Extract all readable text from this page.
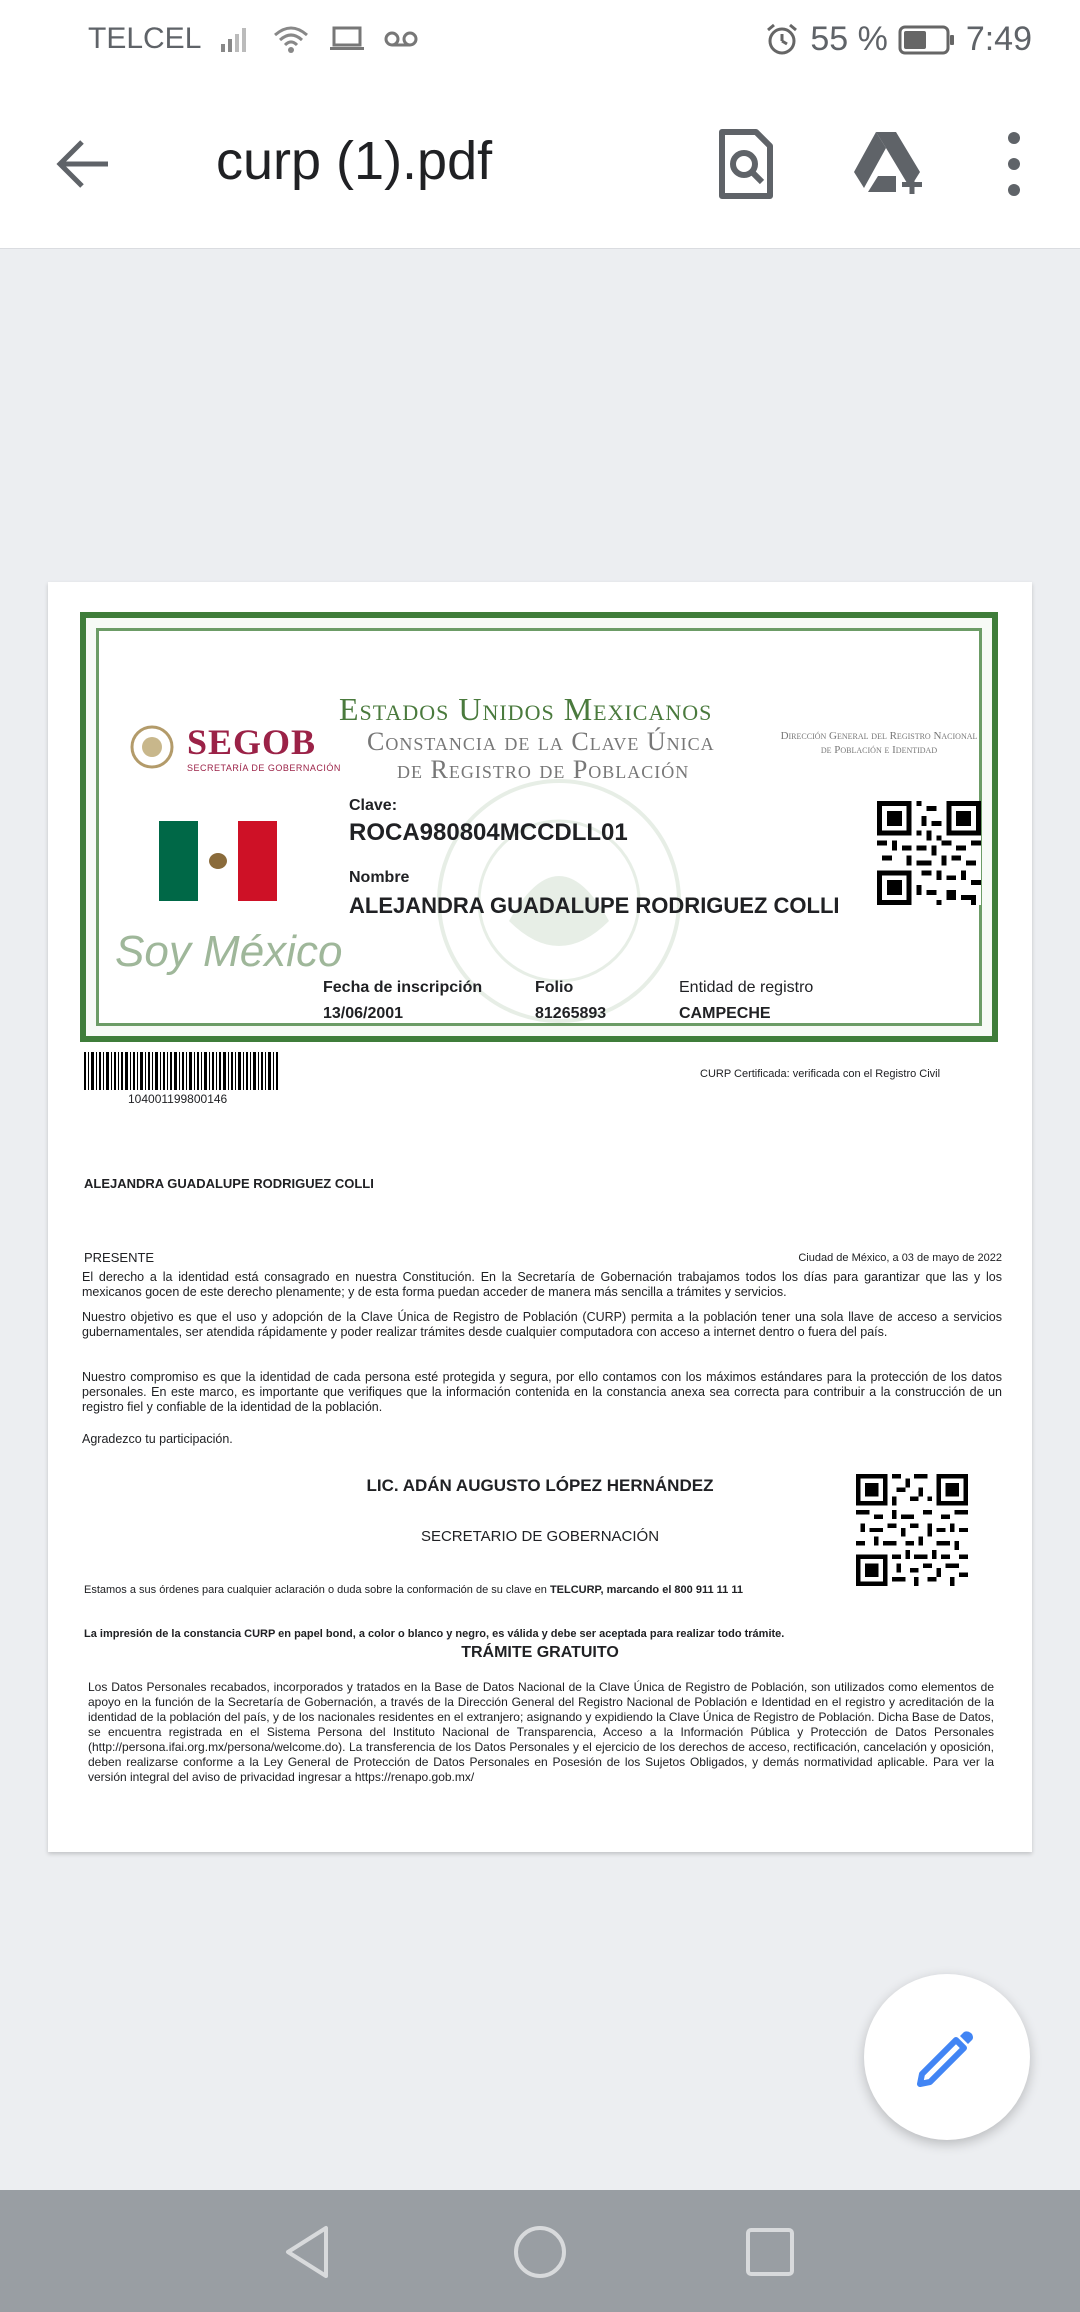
TELCEL	55 % 7:49
curp (1).pdf
SEGOB
SECRETARÍA DE GOBERNACIÓN
Estados Unidos Mexicanos
Constancia de la Clave Única
de Registro de Población
Dirección General del Registro Nacional de Población e Identidad
Clave:
ROCA980804MCCDLL01
Nombre
ALEJANDRA GUADALUPE RODRIGUEZ COLLI
Soy México
Fecha de inscripción
13/06/2001
Folio
81265893
Entidad de registro
CAMPECHE
104001199800146
CURP Certificada: verificada con el Registro Civil
ALEJANDRA GUADALUPE RODRIGUEZ COLLI
PRESENTE	Ciudad de México, a 03 de mayo de 2022
El derecho a la identidad está consagrado en nuestra Constitución. En la Secretaría de Gobernación trabajamos todos los días para garantizar que las y los mexicanos gocen de este derecho plenamente; y de esta forma puedan acceder de manera más sencilla a trámites y servicios.
Nuestro objetivo es que el uso y adopción de la Clave Única de Registro de Población (CURP) permita a la población tener una sola llave de acceso a servicios gubernamentales, ser atendida rápidamente y poder realizar trámites desde cualquier computadora con acceso a internet dentro o fuera del país.
Nuestro compromiso es que la identidad de cada persona esté protegida y segura, por ello contamos con los máximos estándares para la protección de los datos personales. En este marco, es importante que verifiques que la información contenida en la constancia anexa sea correcta para contribuir a la construcción de un registro fiel y confiable de la identidad de la población.
Agradezco tu participación.
LIC. ADÁN AUGUSTO LÓPEZ HERNÁNDEZ
SECRETARIO DE GOBERNACIÓN
Estamos a sus órdenes para cualquier aclaración o duda sobre la conformación de su clave en TELCURP, marcando el 800 911 11 11
La impresión de la constancia CURP en papel bond, a color o blanco y negro, es válida y debe ser aceptada para realizar todo trámite.
TRÁMITE GRATUITO
Los Datos Personales recabados, incorporados y tratados en la Base de Datos Nacional de la Clave Única de Registro de Población, son utilizados como elementos de apoyo en la función de la Secretaría de Gobernación, a través de la Dirección General del Registro Nacional de Población e Identidad en el registro y acreditación de la identidad de la población del país, y de los nacionales residentes en el extranjero; asignando y expidiendo la Clave Única de Registro de Población. Dicha Base de Datos, se encuentra registrada en el Sistema Persona del Instituto Nacional de Transparencia, Acceso a la Información Pública y Protección de Datos Personales (http://persona.ifai.org.mx/persona/welcome.do). La transferencia de los Datos Personales y el ejercicio de los derechos de acceso, rectificación, cancelación y oposición, deben realizarse conforme a la Ley General de Protección de Datos Personales en Posesión de los Sujetos Obligados, y demás normatividad aplicable. Para ver la versión integral del aviso de privacidad ingresar a https://renapo.gob.mx/
